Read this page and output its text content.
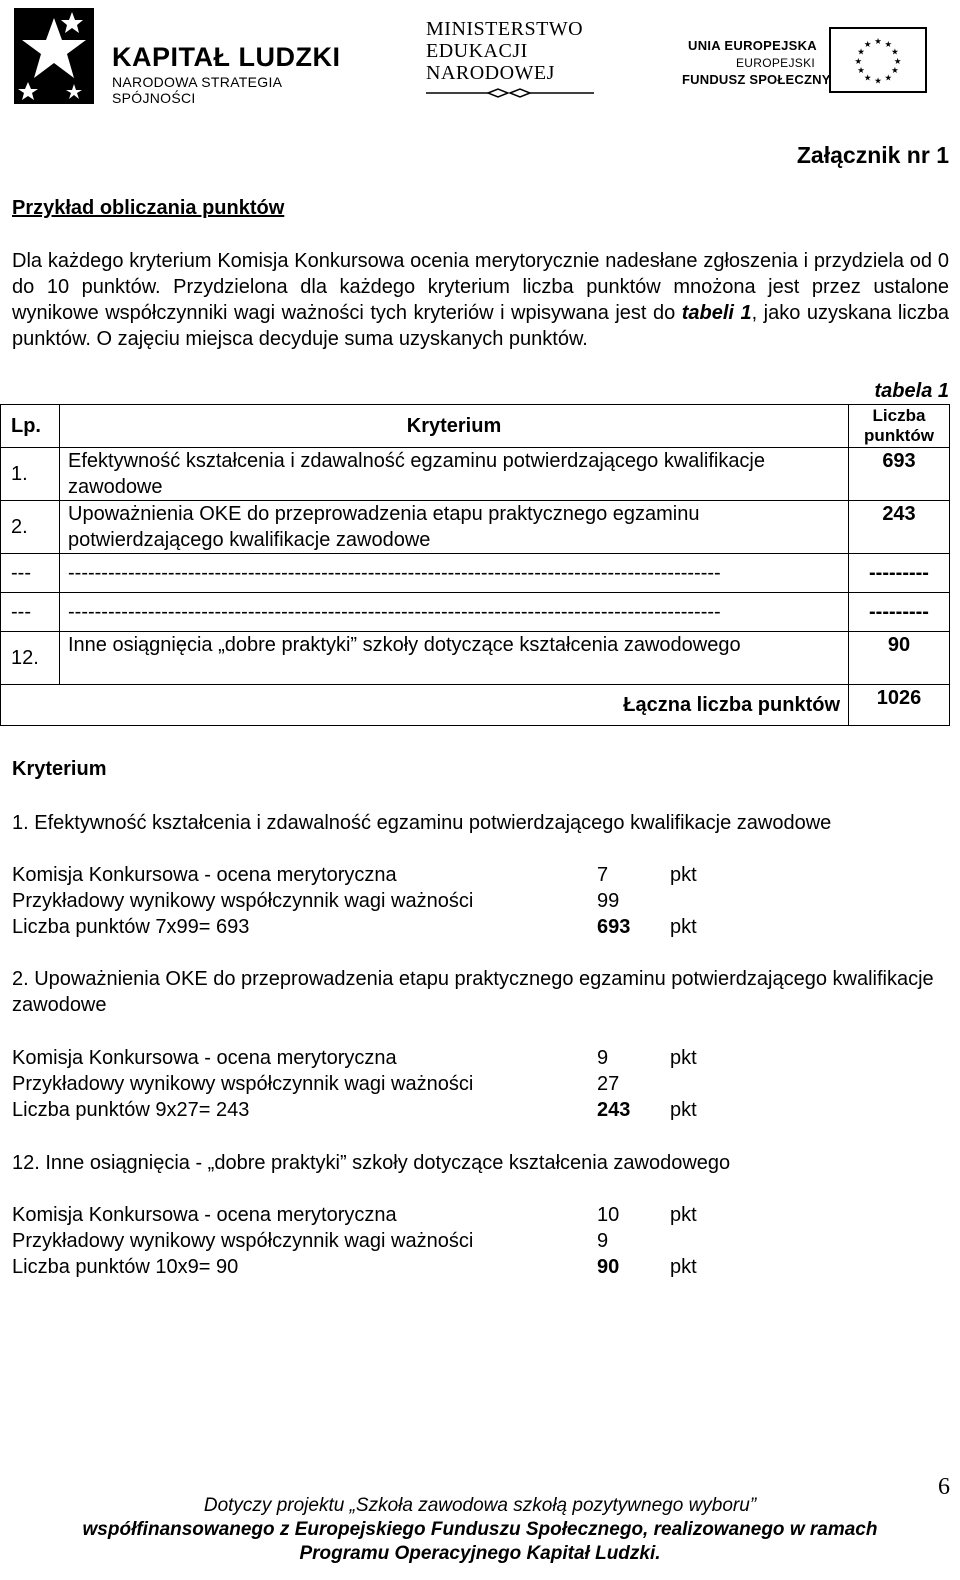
KAPITAŁ LUDZKI
NARODOWA STRATEGIA SPÓJNOŚCI
MINISTERSTWO
EDUKACJI
NARODOWEJ
UNIA EUROPEJSKA
EUROPEJSKI
FUNDUSZ SPOŁECZNY
★ ★
★
★
★
★
★
★
★
★
★
★
Załącznik nr 1
Przykład obliczania punktów

Dla każdego kryterium Komisja Konkursowa ocenia merytorycznie nadesłane zgłoszenia i przydziela od 0 do 10 punktów. Przydzielona dla każdego kryterium liczba punktów mnożona jest przez ustalone wynikowe współczynniki wagi ważności tych kryteriów i wpisywana jest do tabeli 1, jako uzyskana liczba punktów. O zajęciu miejsca decyduje suma uzyskanych punktów.

tabela 1
Lp.	Kryterium	Liczba punktów
1.	Efektywność kształcenia i zdawalność egzaminu potwierdzającego kwalifikacje zawodowe	693
2.	Upoważnienia OKE do przeprowadzenia etapu praktycznego egzaminu potwierdzającego kwalifikacje zawodowe	243
---	--------------------------------------------------------------------------------------------------	---------
---	--------------------------------------------------------------------------------------------------	---------
12.	Inne osiągnięcia „dobre praktyki” szkoły dotyczące kształcenia zawodowego	90
	Łączna liczba punktów	1026
Kryterium
1. Efektywność kształcenia i zdawalność egzaminu potwierdzającego kwalifikacje zawodowe
Komisja Konkursowa - ocena merytoryczna	7	pkt
Przykładowy wynikowy współczynnik wagi ważności	99
Liczba punktów 7x99= 693	693 pkt
2. Upoważnienia OKE do przeprowadzenia etapu praktycznego egzaminu potwierdzającego kwalifikacje zawodowe
Komisja Konkursowa - ocena merytoryczna	9	pkt
Przykładowy wynikowy współczynnik wagi ważności	27
Liczba punktów 9x27= 243	243 pkt
12. Inne osiągnięcia - „dobre praktyki” szkoły dotyczące kształcenia zawodowego
Komisja Konkursowa - ocena merytoryczna	10	pkt
Przykładowy wynikowy współczynnik wagi ważności	9
Liczba punktów 10x9= 90	90	pkt
6
Dotyczy projektu „Szkoła zawodowa szkołą pozytywnego wyboru”
współfinansowanego z Europejskiego Funduszu Społecznego, realizowanego w ramach
Programu Operacyjnego Kapitał Ludzki.
